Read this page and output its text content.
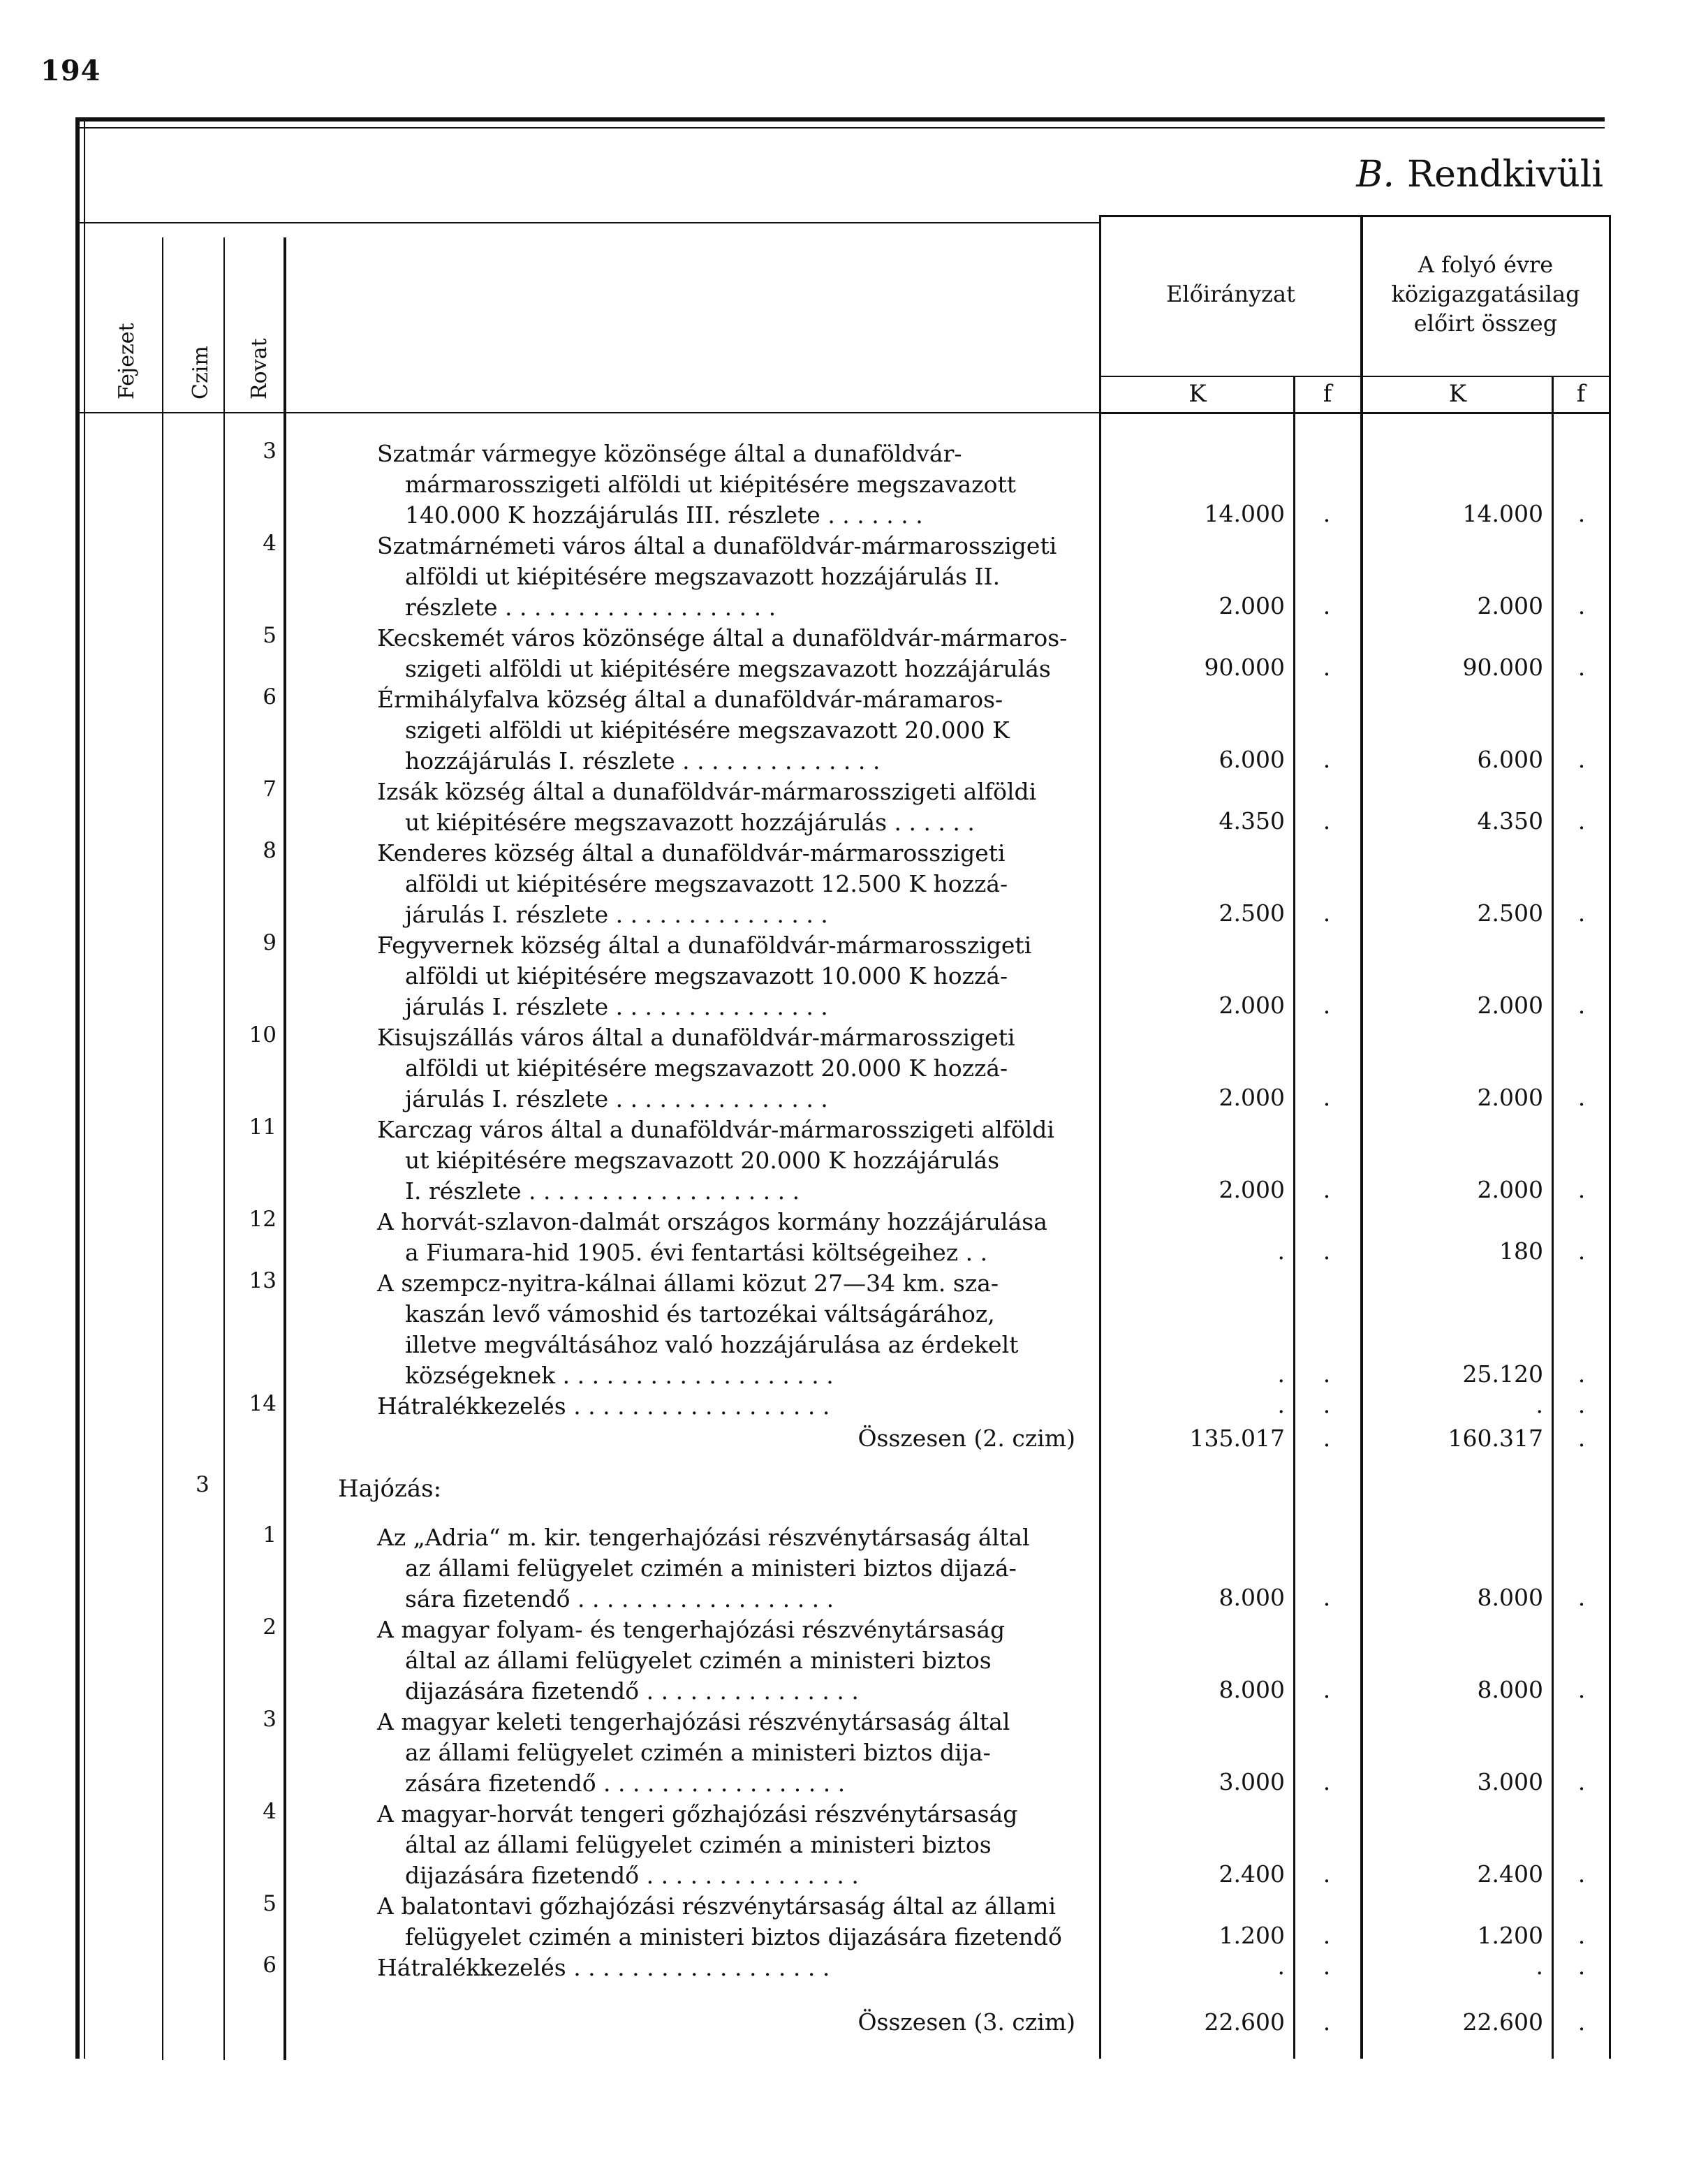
194
B. Rendkivüli
Fejezet Czim Rovat
Előirányzat
A folyó évre
közigazgatásilag
előirt összeg
K	f	K	f
3	Szatmár vármegye közönsége által a dunaföldvár-
mármarosszigeti alföldi ut kiépitésére megszavazott
140.000 K hozzájárulás III. részlete . . . . . . .	14.000	.	14.000	.
4	Szatmárnémeti város által a dunaföldvár-mármarosszigeti
alföldi ut kiépitésére megszavazott hozzájárulás II.
részlete . . . . . . . . . . . . . . . . . . .	2.000	.	2.000	.
5	Kecskemét város közönsége által a dunaföldvár-mármaros-
szigeti alföldi ut kiépitésére megszavazott hozzájárulás	90.000	.	90.000	.
6	Érmihályfalva község által a dunaföldvár-máramaros-
szigeti alföldi ut kiépitésére megszavazott 20.000 K
hozzájárulás I. részlete . . . . . . . . . . . . . .	6.000	.	6.000	.
7	Izsák község által a dunaföldvár-mármarosszigeti alföldi
ut kiépitésére megszavazott hozzájárulás . . . . . .	4.350	.	4.350	.
8	Kenderes község által a dunaföldvár-mármarosszigeti
alföldi ut kiépitésére megszavazott 12.500 K hozzá-
járulás I. részlete . . . . . . . . . . . . . . .	2.500	.	2.500	.
9	Fegyvernek község által a dunaföldvár-mármarosszigeti
alföldi ut kiépitésére megszavazott 10.000 K hozzá-
járulás I. részlete . . . . . . . . . . . . . . .	2.000	.	2.000	.
10	Kisujszállás város által a dunaföldvár-mármarosszigeti
alföldi ut kiépitésére megszavazott 20.000 K hozzá-
járulás I. részlete . . . . . . . . . . . . . . .	2.000	.	2.000	.
11	Karczag város által a dunaföldvár-mármarosszigeti alföldi
ut kiépitésére megszavazott 20.000 K hozzájárulás
I. részlete . . . . . . . . . . . . . . . . . . .	2.000	.	2.000	.
12	A horvát-szlavon-dalmát országos kormány hozzájárulása
a Fiumara-hid 1905. évi fentartási költségeihez . .	.	.	180	.
13	A szempcz-nyitra-kálnai állami közut 27—34 km. sza-
kaszán levő vámoshid és tartozékai váltságárához,
illetve megváltásához való hozzájárulása az érdekelt
községeknek . . . . . . . . . . . . . . . . . . .	.	.	25.120	.
14	Hátralékkezelés . . . . . . . . . . . . . . . . . .	.	.	.	.
Összesen (2. czim)	135.017	.	160.317	.
3	Hajózás:
1	Az „Adria“ m. kir. tengerhajózási részvénytársaság által
az állami felügyelet czimén a ministeri biztos dijazá-
sára fizetendő . . . . . . . . . . . . . . . . . .	8.000	.	8.000	.
2	A magyar folyam- és tengerhajózási részvénytársaság
által az állami felügyelet czimén a ministeri biztos
dijazására fizetendő . . . . . . . . . . . . . . .	8.000	.	8.000	.
3	A magyar keleti tengerhajózási részvénytársaság által
az állami felügyelet czimén a ministeri biztos dija-
zására fizetendő . . . . . . . . . . . . . . . . .	3.000	.	3.000	.
4	A magyar-horvát tengeri gőzhajózási részvénytársaság
által az állami felügyelet czimén a ministeri biztos
dijazására fizetendő . . . . . . . . . . . . . . .	2.400	.	2.400	.
5	A balatontavi gőzhajózási részvénytársaság által az állami
felügyelet czimén a ministeri biztos dijazására fizetendő	1.200	.	1.200	.
6	Hátralékkezelés . . . . . . . . . . . . . . . . . .	.	.	.	.
Összesen (3. czim)	22.600	.	22.600	.
